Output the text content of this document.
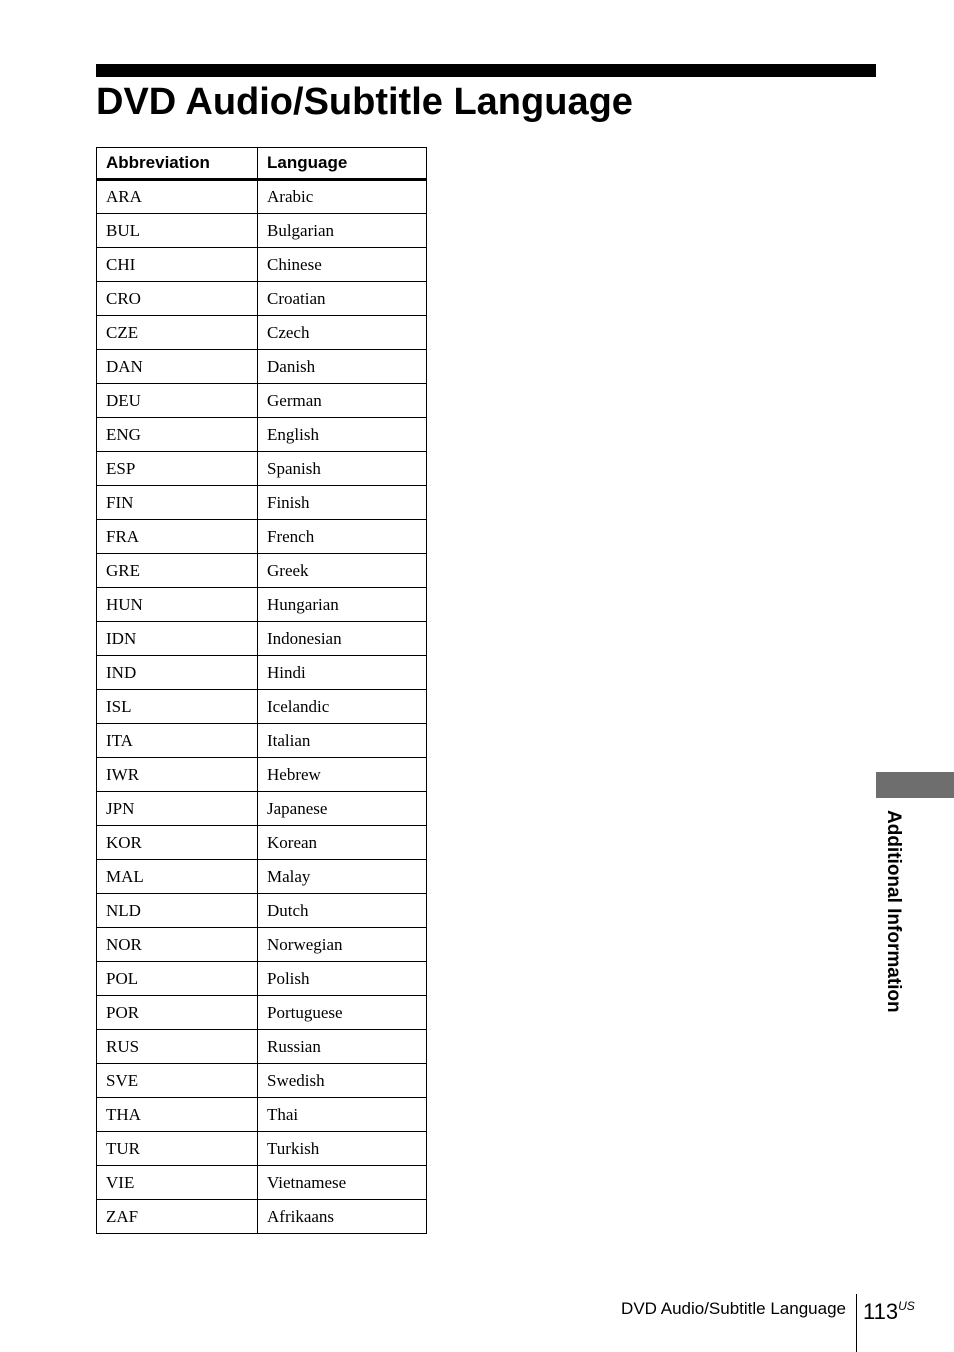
DVD Audio/Subtitle Language
Abbreviation	Language
ARA	Arabic
BUL	Bulgarian
CHI	Chinese
CRO	Croatian
CZE	Czech
DAN	Danish
DEU	German
ENG	English
ESP	Spanish
FIN	Finish
FRA	French
GRE	Greek
HUN	Hungarian
IDN	Indonesian
IND	Hindi
ISL	Icelandic
ITA	Italian
IWR	Hebrew
JPN	Japanese
KOR	Korean
MAL	Malay
NLD	Dutch
NOR	Norwegian
POL	Polish
POR	Portuguese
RUS	Russian
SVE	Swedish
THA	Thai
TUR	Turkish
VIE	Vietnamese
ZAF	Afrikaans
Additional Information
DVD Audio/Subtitle Language $113^{US}$
